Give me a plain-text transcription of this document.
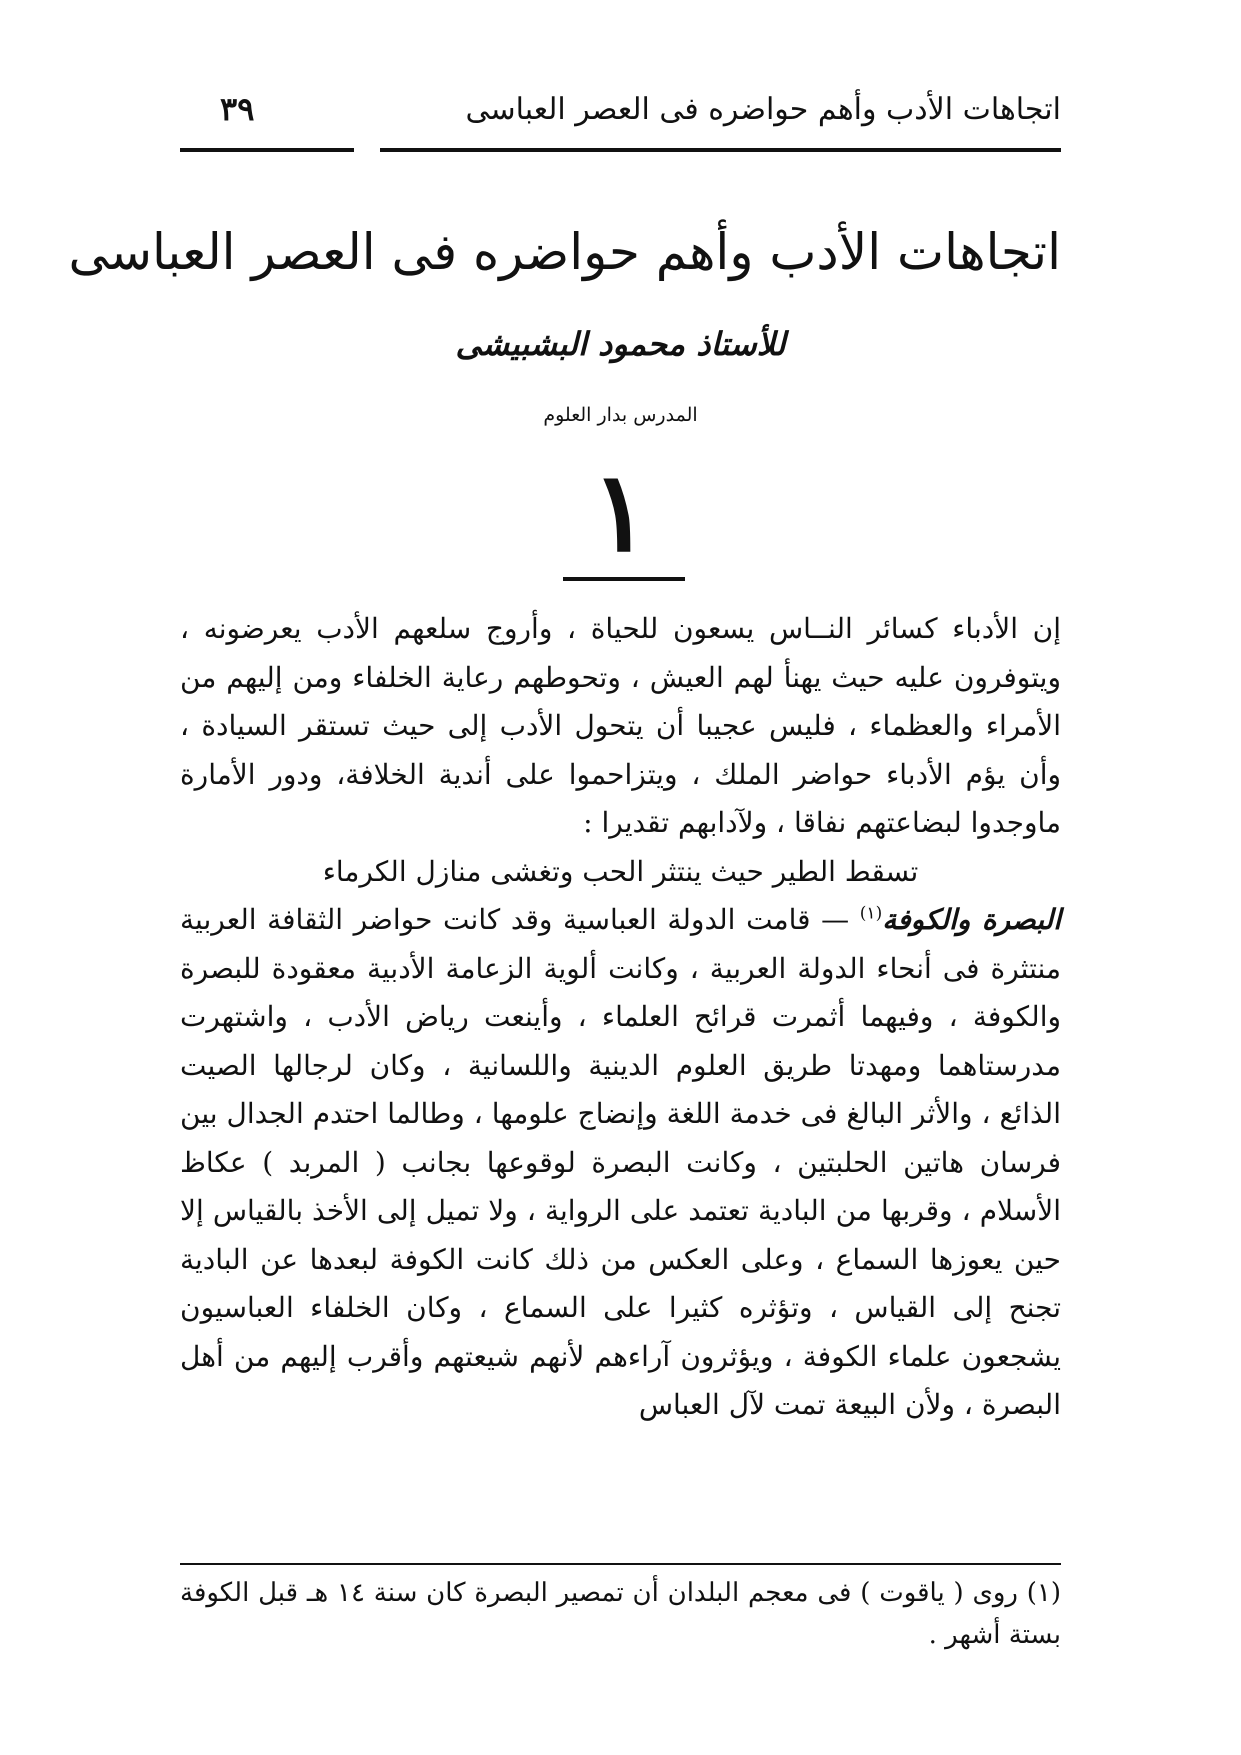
اتجاهات الأدب وأهم حواضره فى العصر العباسى
٣٩
اتجاهات الأدب وأهم حواضره فى العصر العباسى
للأستاذ محمود البشبيشى
المدرس بدار العلوم
١

إن الأدباء كسائر النــاس يسعون للحياة ، وأروج سلعهم الأدب يعرضونه ، ويتوفرون عليه حيث يهنأ لهم العيش ، وتحوطهم رعاية الخلفاء ومن إليهم من الأمراء والعظماء ، فليس عجيبا أن يتحول الأدب إلى حيث تستقر السيادة ، وأن يؤم الأدباء حواضر الملك ، ويتزاحموا على أندية الخلافة، ودور الأمارة ماوجدوا لبضاعتهم نفاقا ، ولآدابهم تقديرا :

تسقط الطير حيث ينتثر الحب وتغشى منازل الكرماء

البصرة والكوفة$^{(١)}$ — قامت الدولة العباسية وقد كانت حواضر الثقافة العربية منتثرة فى أنحاء الدولة العربية ، وكانت ألوية الزعامة الأدبية معقودة للبصرة والكوفة ، وفيهما أثمرت قرائح العلماء ، وأينعت رياض الأدب ، واشتهرت مدرستاهما ومهدتا طريق العلوم الدينية واللسانية ، وكان لرجالها الصيت الذائع ، والأثر البالغ فى خدمة اللغة وإنضاج علومها ، وطالما احتدم الجدال بين فرسان هاتين الحلبتين ، وكانت البصرة لوقوعها بجانب ( المربد ) عكاظ الأسلام ، وقربها من البادية تعتمد على الرواية ، ولا تميل إلى الأخذ بالقياس إلا حين يعوزها السماع ، وعلى العكس من ذلك كانت الكوفة لبعدها عن البادية تجنح إلى القياس ، وتؤثره كثيرا على السماع ، وكان الخلفاء العباسيون يشجعون علماء الكوفة ، ويؤثرون آراءهم لأنهم شيعتهم وأقرب إليهم من أهل البصرة ، ولأن البيعة تمت لآل العباس

(١) روى ( ياقوت ) فى معجم البلدان أن تمصير البصرة كان سنة ١٤ هـ قبل الكوفة بستة أشهر .
